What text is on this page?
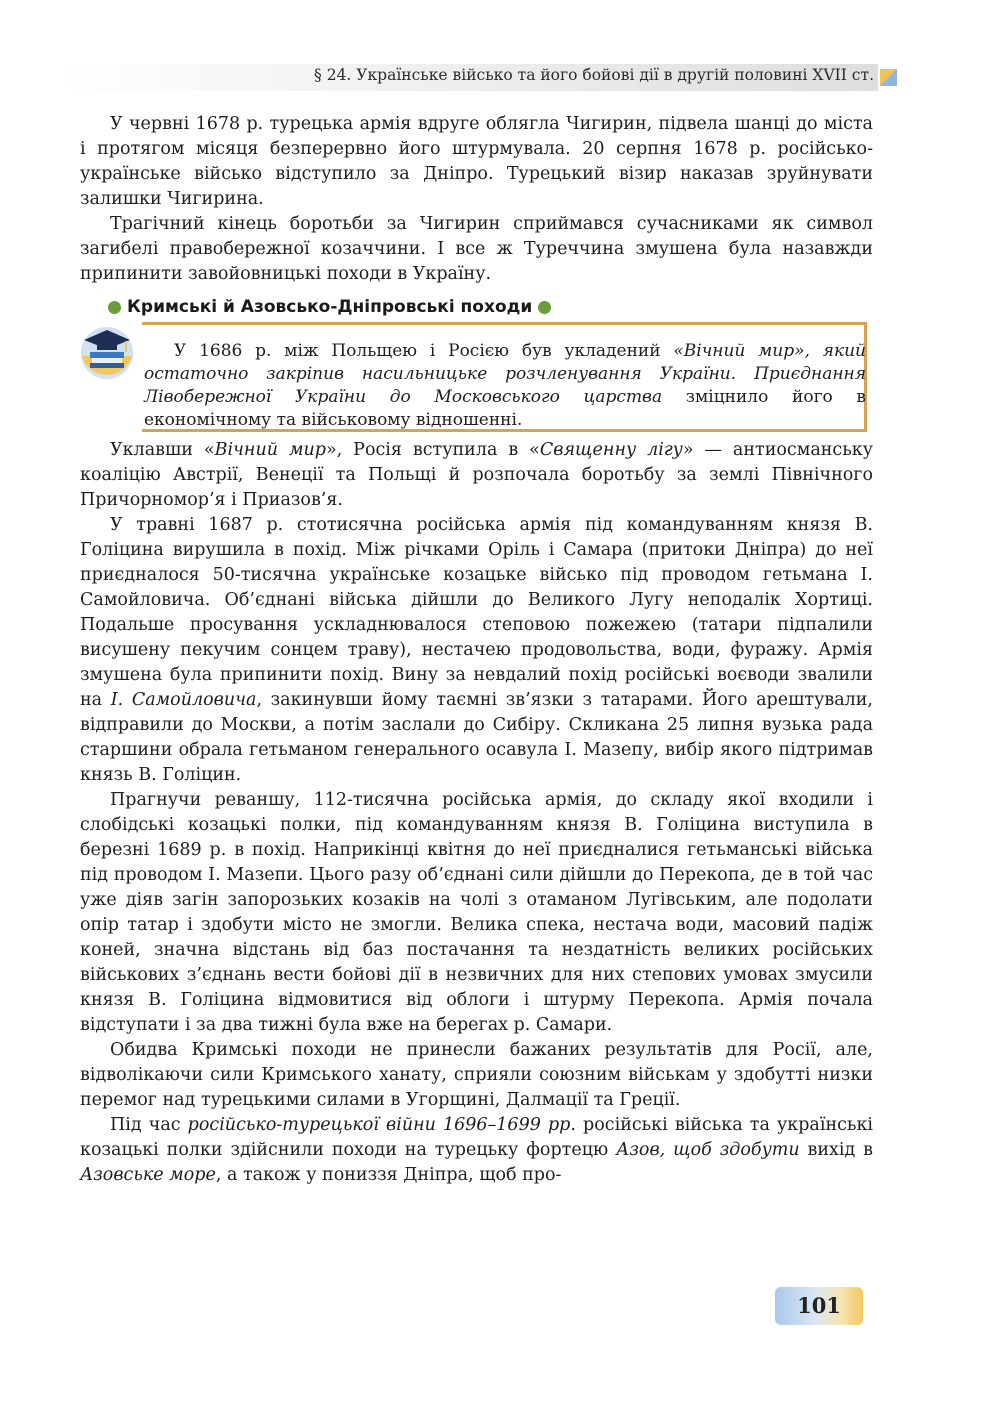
§ 24. Українське військо та його бойові дії в другій половині XVII ст.

У червні 1678 р. турецька армія вдруге облягла Чигирин, підвела шанці до міста і протягом місяця безперервно його штурмувала. 20 серпня 1678 р. російсько-українське військо відступило за Дніпро. Турецький візир наказав зруйнувати залишки Чигирина.

Трагічний кінець боротьби за Чигирин сприймався сучасниками як символ загибелі правобережної козаччини. І все ж Туреччина змушена була назавжди припинити завойовницькі походи в Україну.

Кримські й Азовсько-Дніпровські походи

У 1686 р. між Польщею і Росією був укладений «Вічний мир», який остаточно закріпив насильницьке розчленування України. Приєднання Лівобережної України до Московського царства зміцнило його в економічному та військовому відношенні.

Уклавши «Вічний мир», Росія вступила в «Священну лігу» — антиосманську коаліцію Австрії, Венеції та Польщі й розпочала боротьбу за землі Північного Причорномор’я і Приазов’я.

У травні 1687 р. стотисячна російська армія під командуванням князя В. Голіцина вирушила в похід. Між річками Оріль і Самара (притоки Дніпра) до неї приєдналося 50-тисячна українське козацьке військо під проводом гетьмана І. Самойловича. Об’єднані війська дійшли до Великого Лугу неподалік Хортиці. Подальше просування ускладнювалося степовою пожежею (татари підпалили висушену пекучим сонцем траву), нестачею продовольства, води, фуражу. Армія змушена була припинити похід. Вину за невдалий похід російські воєводи звалили на І. Самойловича, закинувши йому таємні зв’язки з татарами. Його арештували, відправили до Москви, а потім заслали до Сибіру. Скликана 25 липня вузька рада старшини обрала гетьманом генерального осавула І. Мазепу, вибір якого підтримав князь В. Голіцин.

Прагнучи реваншу, 112-тисячна російська армія, до складу якої входили і слобідські козацькі полки, під командуванням князя В. Голіцина виступила в березні 1689 р. в похід. Наприкінці квітня до неї приєдналися гетьманські війська під проводом І. Мазепи. Цього разу об’єднані сили дійшли до Перекопа, де в той час уже діяв загін запорозьких козаків на чолі з отаманом Лугівським, але подолати опір татар і здобути місто не змогли. Велика спека, нестача води, масовий падіж коней, значна відстань від баз постачання та нездатність великих російських військових з’єднань вести бойові дії в незвичних для них степових умовах змусили князя В. Голіцина відмовитися від облоги і штурму Перекопа. Армія почала відступати і за два тижні була вже на берегах р. Самари.

Обидва Кримські походи не принесли бажаних результатів для Росії, але, відволікаючи сили Кримського ханату, сприяли союзним військам у здобутті низки перемог над турецькими силами в Угорщині, Далмації та Греції.

Під час російсько-турецької війни 1696–1699 рр. російські війська та українські козацькі полки здійснили походи на турецьку фортецю Азов, щоб здобути вихід в Азовське море, а також у пониззя Дніпра, щоб про-

101
